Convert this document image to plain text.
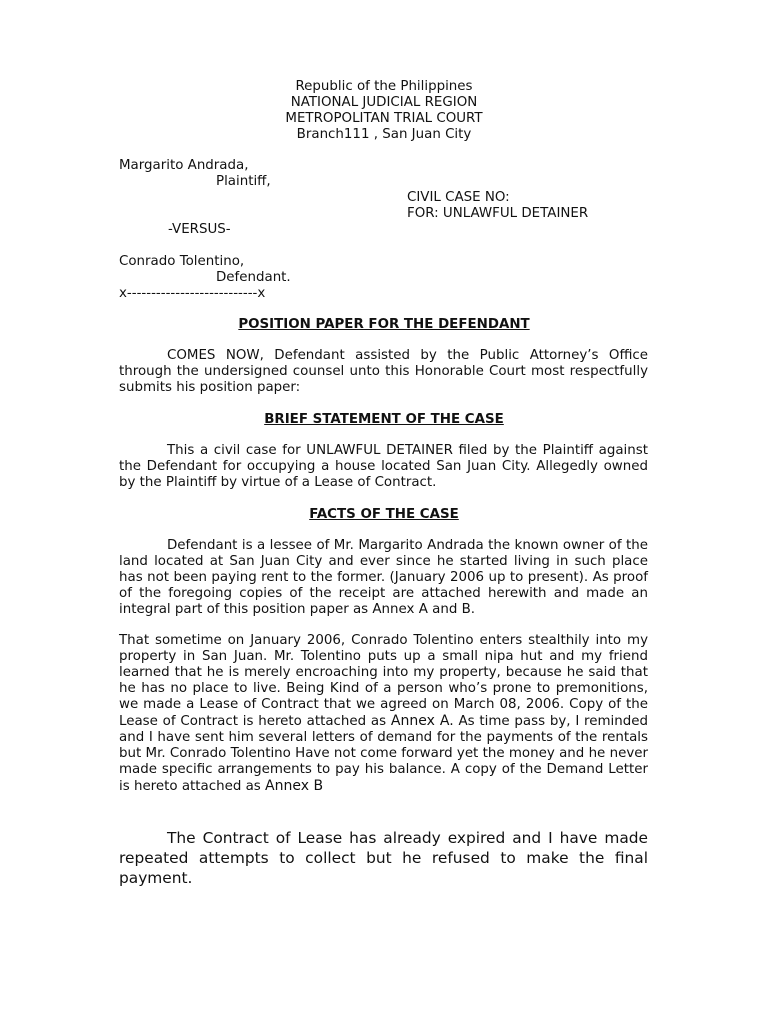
Republic of the Philippines
NATIONAL JUDICIAL REGION
METROPOLITAN TRIAL COURT
Branch111 , San Juan City
Margarito Andrada,
Plaintiff,
CIVIL CASE NO:
FOR: UNLAWFUL DETAINER
-VERSUS-
Conrado Tolentino,
Defendant.
x---------------------------x
POSITION PAPER FOR THE DEFENDANT
COMES NOW, Defendant assisted by the Public Attorney’s Office through the undersigned counsel unto this Honorable Court most respectfully submits his position paper:
BRIEF STATEMENT OF THE CASE
This a civil case for UNLAWFUL DETAINER filed by the Plaintiff against the Defendant for occupying a house located San Juan City. Allegedly owned by the Plaintiff by virtue of a Lease of Contract.
FACTS OF THE CASE
Defendant is a lessee of Mr. Margarito Andrada the known owner of the land located at San Juan City and ever since he started living in such place has not been paying rent to the former. (January 2006 up to present). As proof of the foregoing copies of the receipt are attached herewith and made an integral part of this position paper as Annex A and B.
That sometime on January 2006, Conrado Tolentino enters stealthily into my property in San Juan. Mr. Tolentino puts up a small nipa hut and my friend learned that he is merely encroaching into my property, because he said that he has no place to live. Being Kind of a person who’s prone to premonitions, we made a Lease of Contract that we agreed on March 08, 2006. Copy of the Lease of Contract is hereto attached as Annex A. As time pass by, I reminded and I have sent him several letters of demand for the payments of the rentals but Mr. Conrado Tolentino Have not come forward yet the money and he never made specific arrangements to pay his balance. A copy of the Demand Letter is hereto attached as Annex B
The Contract of Lease has already expired and I have made repeated attempts to collect but he refused to make the final payment.
